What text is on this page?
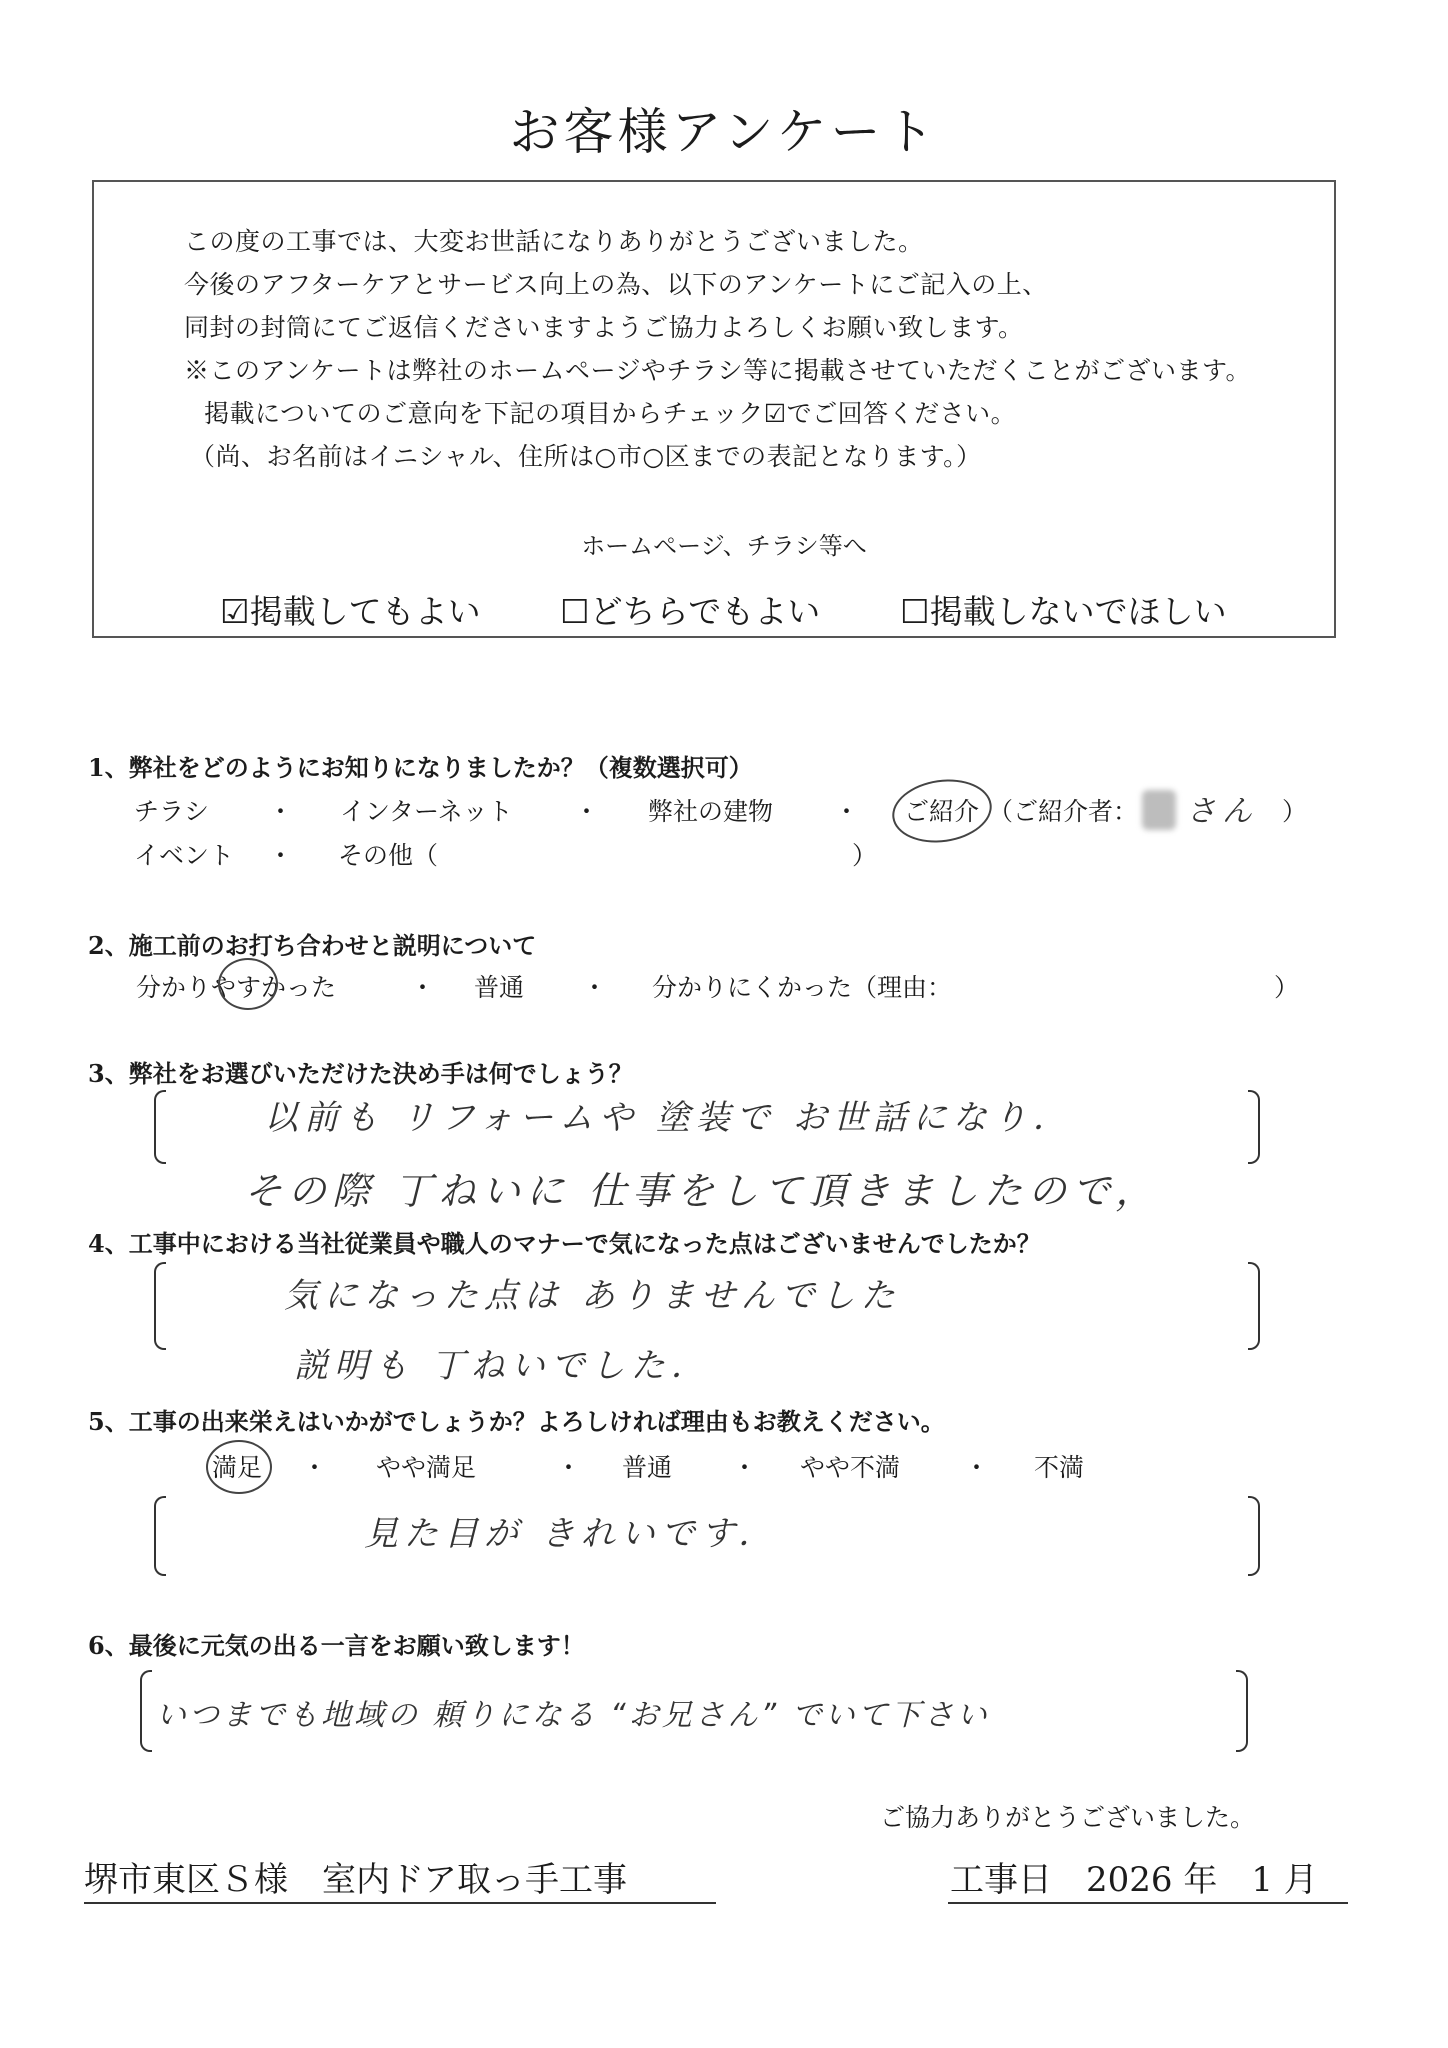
お客様アンケート
この度の工事では、大変お世話になりありがとうございました。
今後のアフターケアとサービス向上の為、以下のアンケートにご記入の上、
同封の封筒にてご返信くださいますようご協力よろしくお願い致します。
※このアンケートは弊社のホームページやチラシ等に掲載させていただくことがございます。
掲載についてのご意向を下記の項目からチェック☑でご回答ください。
（尚、お名前はイニシャル、住所は○市○区までの表記となります。）
ホームページ、チラシ等へ
☑掲載してもよい ☐どちらでもよい ☐掲載しないでほしい
1、弊社をどのようにお知りになりましたか？（複数選択可）
チラシ ・ インターネット ・ 弊社の建物 ・ ご紹介 （ご紹介者： さん ）
イベント ・ その他（	）
2、施工前のお打ち合わせと説明について
分かりやすかった	・ 普通 ・ 分かりにくかった（理由：	）
3、弊社をお選びいただけた決め手は何でしょう？
以前も リフォームや 塗装で お世話になり．
その際 丁ねいに 仕事をして頂きましたので，
4、工事中における当社従業員や職人のマナーで気になった点はございませんでしたか？
気になった点は ありませんでした
説明も 丁ねいでした．
5、工事の出来栄えはいかがでしょうか？よろしければ理由もお教えください。
満足 ・ やや満足	・ 普通 ・ やや不満	・ 不満
見た目が きれいです．
6、最後に元気の出る一言をお願い致します！
いつまでも地域の 頼りになる “お兄さん” でいて下さい
ご協力ありがとうございました。
堺市東区Ｓ様　室内ドア取っ手工事	工事日　2026 年　1 月
